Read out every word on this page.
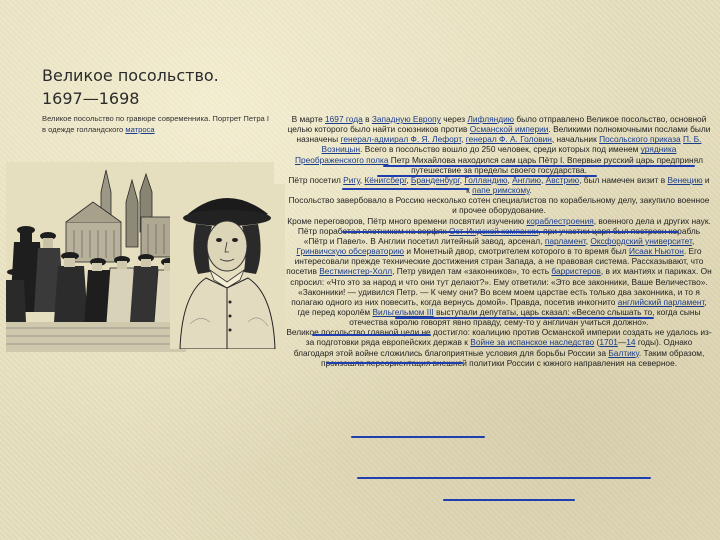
Великое посольство.
1697—1698
Великое посольство по гравюре современника. Портрет Петра I в одежде голландского матроса

В марте 1697 года в Западную Европу через Лифляндию было отправлено Великое посольство, основной целью которого было найти союзников против Османской империи. Великими полномочными послами были назначены генерал-адмирал Ф. Я. Лефорт, генерал Ф. А. Головин, начальник Посольского приказа П. Б. Возницын. Всего в посольство вошло до 250 человек, среди которых под именем урядника Преображенского полка Петр Михайлова находился сам царь Пётр I. Впервые русский царь предпринял путешествие за пределы своего государства.

Пётр посетил Ригу, Кёнигсберг, Бранденбург, Голландию, Англию, Австрию, был намечен визит в Венецию и к папе римскому.

Посольство завербовало в Россию несколько сотен специалистов по корабельному делу, закупило военное и прочее оборудование.

Кроме переговоров, Пётр много времени посвятил изучению кораблестроения, военного дела и других наук. Пётр поработал плотником на верфях Ост-Индской компании, при участии царя был построен корабль «Пётр и Павел». В Англии посетил литейный завод, арсенал, парламент, Оксфордский университет, Гринвичскую обсерваторию и Монетный двор, смотрителем которого в то время был Исаак Ньютон. Его интересовали прежде технические достижения стран Запада, а не правовая система. Рассказывают, что посетив Вестминстер-Холл, Петр увидел там «законников», то есть барристеров, в их мантиях и париках. Он спросил: «Что это за народ и что они тут делают?». Ему ответили: «Это все законники, Ваше Величество». «Законники! — удивился Петр. — К чему они? Во всем моем царстве есть только два законника, и то я полагаю одного из них повесить, когда вернусь домой». Правда, посетив инкогнито английский парламент, где перед королём Вильгельмом III выступали депутаты, царь сказал: «Весело слышать то, когда сыны отечества королю говорят явно правду, сему-то у англичан учиться должно».

Великое посольство главной цели не достигло: коалицию против Османской империи создать не удалось из-за подготовки ряда европейских держав к Войне за испанское наследство (1701—14 годы). Однако благодаря этой войне сложились благоприятные условия для борьбы России за Балтику. Таким образом, произошла переориентация внешней политики России с южного направления на северное.
